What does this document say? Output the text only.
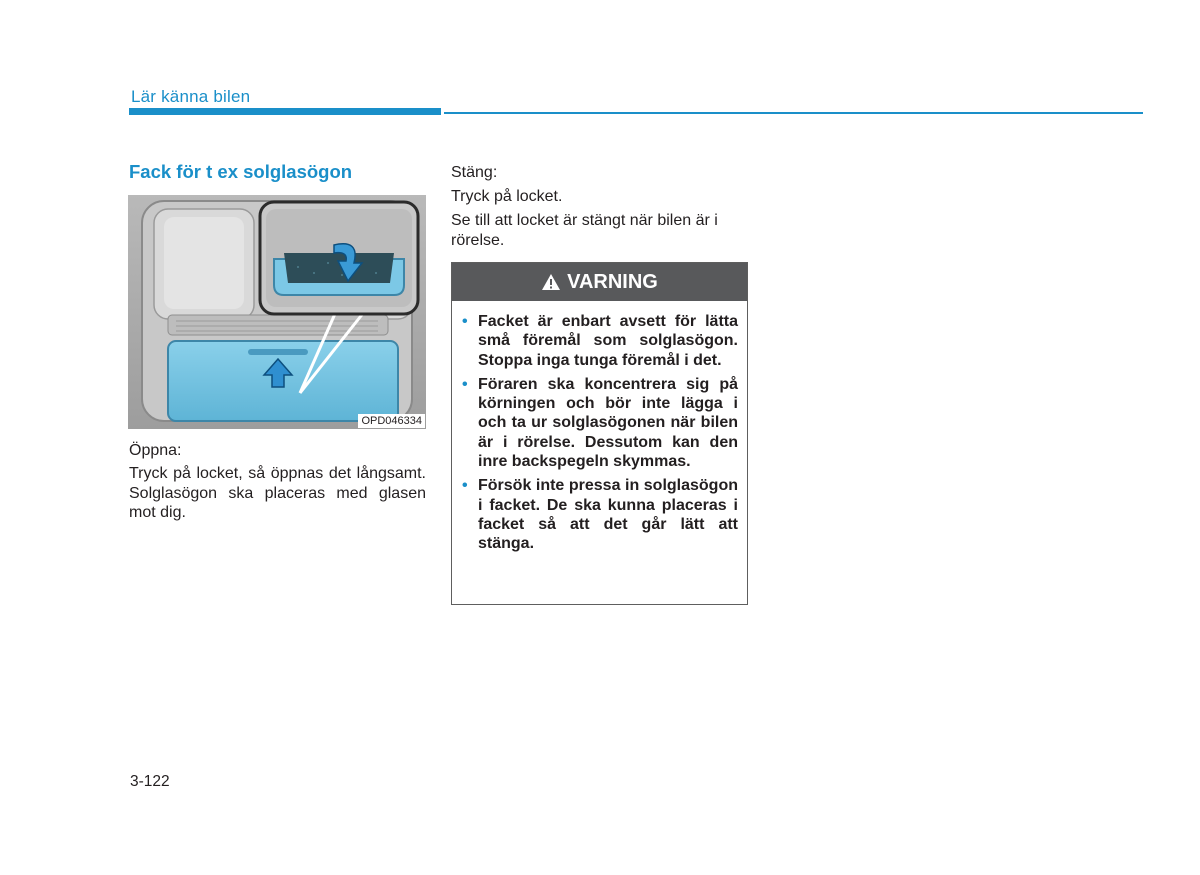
Lär känna bilen
Fack för t ex solglasögon
OPD046334

Öppna:

Tryck på locket, så öppnas det långsamt. Solglasögon ska placeras med glasen mot dig.

Stäng:

Tryck på locket.

Se till att locket är stängt när bilen är i rörelse.

VARNING
• Facket är enbart avsett för lätta små föremål som solglasögon. Stoppa inga tunga föremål i det.
• Föraren ska koncentrera sig på körningen och bör inte lägga i och ta ur solglasögonen när bilen är i rörelse. Dessutom kan den inre backspegeln skymmas.
• Försök inte pressa in solglasögon i facket. De ska kunna placeras i facket så att det går lätt att stänga.
3-122
